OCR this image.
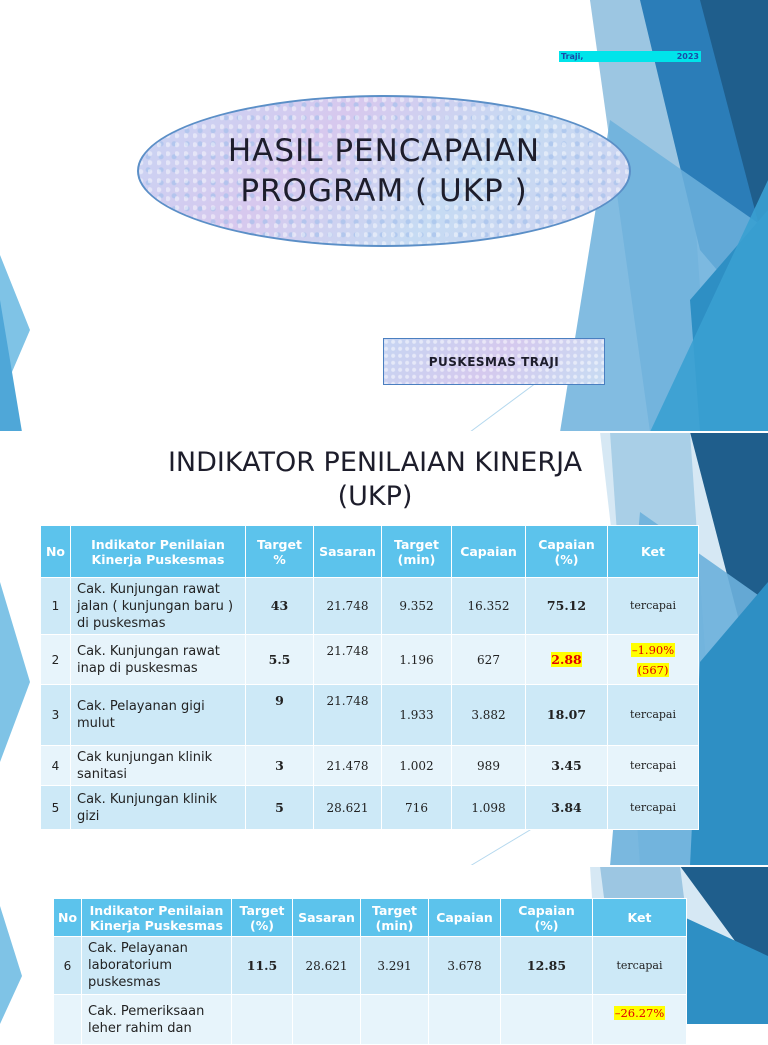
Traji,	2023
HASIL PENCAPAIAN
PROGRAM ( UKP )
PUSKESMAS TRAJI
INDIKATOR PENILAIAN KINERJA
(UKP)
No	Indikator Penilaian Kinerja Puskesmas	Target %	Sasaran	Target (min)	Capaian	Capaian (%)	Ket
1	Cak. Kunjungan rawat jalan ( kunjungan baru ) di puskesmas	43	21.748	9.352	16.352	75.12	tercapai
2	Cak. Kunjungan rawat inap di puskesmas	5.5	21.748	1.196	627	2.88	–1.90%
(567)
3	Cak. Pelayanan gigi mulut	9	21.748	1.933	3.882	18.07	tercapai
4	Cak kunjungan klinik sanitasi	3	21.478	1.002	989	3.45	tercapai
5	Cak. Kunjungan klinik gizi	5	28.621	716	1.098	3.84	tercapai
No	Indikator Penilaian Kinerja Puskesmas	Target (%)	Sasaran	Target (min)	Capaian	Capaian (%)	Ket
6	Cak. Pelayanan laboratorium puskesmas	11.5	28.621	3.291	3.678	12.85	tercapai
	Cak. Pemeriksaan leher rahim dan						–26.27%
